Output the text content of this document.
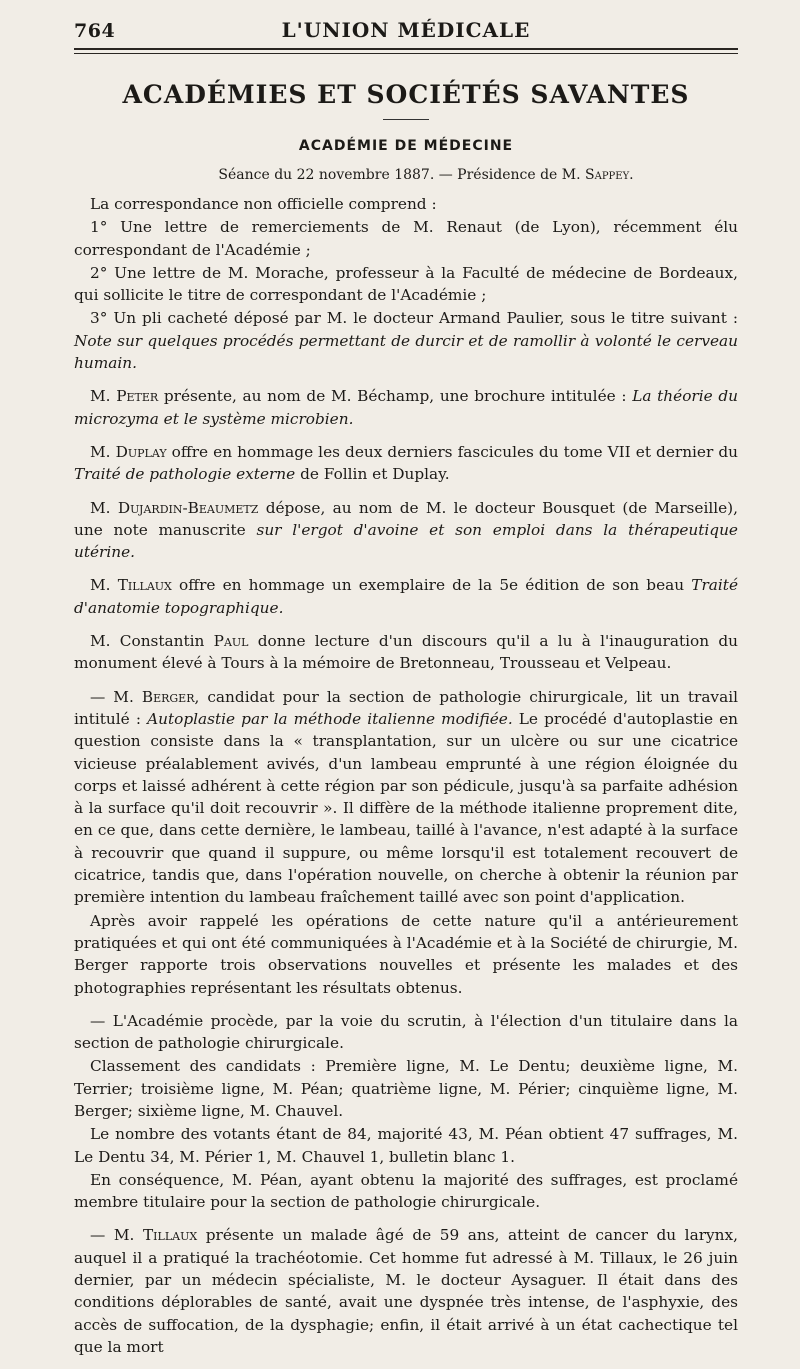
764	L'UNION MÉDICALE
ACADÉMIES ET SOCIÉTÉS SAVANTES
ACADÉMIE DE MÉDECINE
Séance du 22 novembre 1887. — Présidence de M. Sappey.

La correspondance non officielle comprend :

1° Une lettre de remerciements de M. Renaut (de Lyon), récemment élu correspondant de l'Académie ;

2° Une lettre de M. Morache, professeur à la Faculté de médecine de Bordeaux, qui sollicite le titre de correspondant de l'Académie ;

3° Un pli cacheté déposé par M. le docteur Armand Paulier, sous le titre suivant : Note sur quelques procédés permettant de durcir et de ramollir à volonté le cerveau humain.

M. Peter présente, au nom de M. Béchamp, une brochure intitulée : La théorie du microzyma et le système microbien.

M. Duplay offre en hommage les deux derniers fascicules du tome VII et dernier du Traité de pathologie externe de Follin et Duplay.

M. Dujardin-Beaumetz dépose, au nom de M. le docteur Bousquet (de Marseille), une note manuscrite sur l'ergot d'avoine et son emploi dans la thérapeutique utérine.

M. Tillaux offre en hommage un exemplaire de la 5e édition de son beau Traité d'anatomie topographique.

M. Constantin Paul donne lecture d'un discours qu'il a lu à l'inauguration du monument élevé à Tours à la mémoire de Bretonneau, Trousseau et Velpeau.

— M. Berger, candidat pour la section de pathologie chirurgicale, lit un travail intitulé : Autoplastie par la méthode italienne modifiée. Le procédé d'autoplastie en question consiste dans la « transplantation, sur un ulcère ou sur une cicatrice vicieuse préalablement avivés, d'un lambeau emprunté à une région éloignée du corps et laissé adhérent à cette région par son pédicule, jusqu'à sa parfaite adhésion à la surface qu'il doit recouvrir ». Il diffère de la méthode italienne proprement dite, en ce que, dans cette dernière, le lambeau, taillé à l'avance, n'est adapté à la surface à recouvrir que quand il suppure, ou même lorsqu'il est totalement recouvert de cicatrice, tandis que, dans l'opération nouvelle, on cherche à obtenir la réunion par première intention du lambeau fraîchement taillé avec son point d'application.

Après avoir rappelé les opérations de cette nature qu'il a antérieurement pratiquées et qui ont été communiquées à l'Académie et à la Société de chirurgie, M. Berger rapporte trois observations nouvelles et présente les malades et des photographies représentant les résultats obtenus.

— L'Académie procède, par la voie du scrutin, à l'élection d'un titulaire dans la section de pathologie chirurgicale.

Classement des candidats : Première ligne, M. Le Dentu; deuxième ligne, M. Terrier; troisième ligne, M. Péan; quatrième ligne, M. Périer; cinquième ligne, M. Berger; sixième ligne, M. Chauvel.

Le nombre des votants étant de 84, majorité 43, M. Péan obtient 47 suffrages, M. Le Dentu 34, M. Périer 1, M. Chauvel 1, bulletin blanc 1.

En conséquence, M. Péan, ayant obtenu la majorité des suffrages, est proclamé membre titulaire pour la section de pathologie chirurgicale.

— M. Tillaux présente un malade âgé de 59 ans, atteint de cancer du larynx, auquel il a pratiqué la trachéotomie. Cet homme fut adressé à M. Tillaux, le 26 juin dernier, par un médecin spécialiste, M. le docteur Aysaguer. Il était dans des conditions déplorables de santé, avait une dyspnée très intense, de l'asphyxie, des accès de suffocation, de la dysphagie; enfin, il était arrivé à un état cachectique tel que la mort
